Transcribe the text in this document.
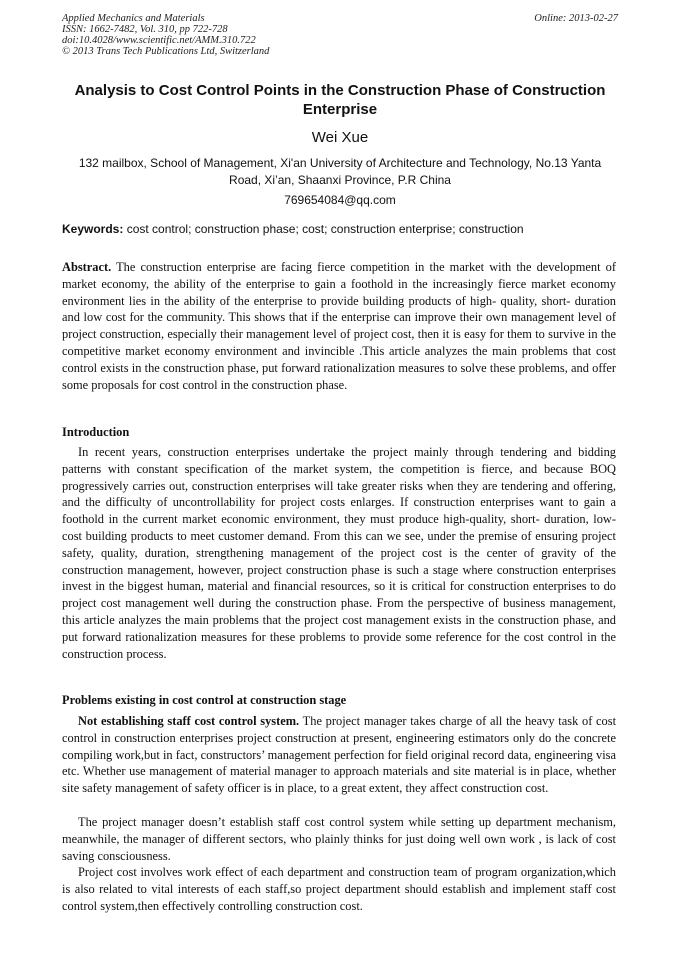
Applied Mechanics and Materials
ISSN: 1662-7482, Vol. 310, pp 722-728
doi:10.4028/www.scientific.net/AMM.310.722
© 2013 Trans Tech Publications Ltd, Switzerland
Online: 2013-02-27
Analysis to Cost Control Points in the Construction Phase of Construction Enterprise
Wei Xue
132 mailbox, School of Management, Xi'an University of Architecture and Technology, No.13 Yanta Road, Xi’an, Shaanxi Province, P.R China
769654084@qq.com
Keywords: cost control; construction phase; cost; construction enterprise; construction

Abstract. The construction enterprise are facing fierce competition in the market with the development of market economy, the ability of the enterprise to gain a foothold in the increasingly fierce market economy environment lies in the ability of the enterprise to provide building products of high- quality, short- duration and low cost for the community. This shows that if the enterprise can improve their own management level of project construction, especially their management level of project cost, then it is easy for them to survive in the competitive market economy environment and invincible .This article analyzes the main problems that cost control exists in the construction phase, put forward rationalization measures to solve these problems, and offer some proposals for cost control in the construction phase.

Introduction

In recent years, construction enterprises undertake the project mainly through tendering and bidding patterns with constant specification of the market system, the competition is fierce, and because BOQ progressively carries out, construction enterprises will take greater risks when they are tendering and offering, and the difficulty of uncontrollability for project costs enlarges. If construction enterprises want to gain a foothold in the current market economic environment, they must produce high-quality, short- duration, low- cost building products to meet customer demand. From this can we see, under the premise of ensuring project safety, quality, duration, strengthening management of the project cost is the center of gravity of the construction management, however, project construction phase is such a stage where construction enterprises invest in the biggest human, material and financial resources, so it is critical for construction enterprises to do project cost management well during the construction phase. From the perspective of business management, this article analyzes the main problems that the project cost management exists in the construction phase, and put forward rationalization measures for these problems to provide some reference for the cost control in the construction process.

Problems existing in cost control at construction stage

Not establishing staff cost control system. The project manager takes charge of all the heavy task of cost control in construction enterprises project construction at present, engineering estimators only do the concrete compiling work,but in fact, constructors’ management perfection for field original record data, engineering visa etc. Whether use management of material manager to approach materials and site material is in place, whether site safety management of safety officer is in place, to a great extent, they affect construction cost.

The project manager doesn’t establish staff cost control system while setting up department mechanism, meanwhile, the manager of different sectors, who plainly thinks for just doing well own work , is lack of cost saving consciousness.

Project cost involves work effect of each department and construction team of program organization,which is also related to vital interests of each staff,so project department should establish and implement staff cost control system,then effectively controlling construction cost.
